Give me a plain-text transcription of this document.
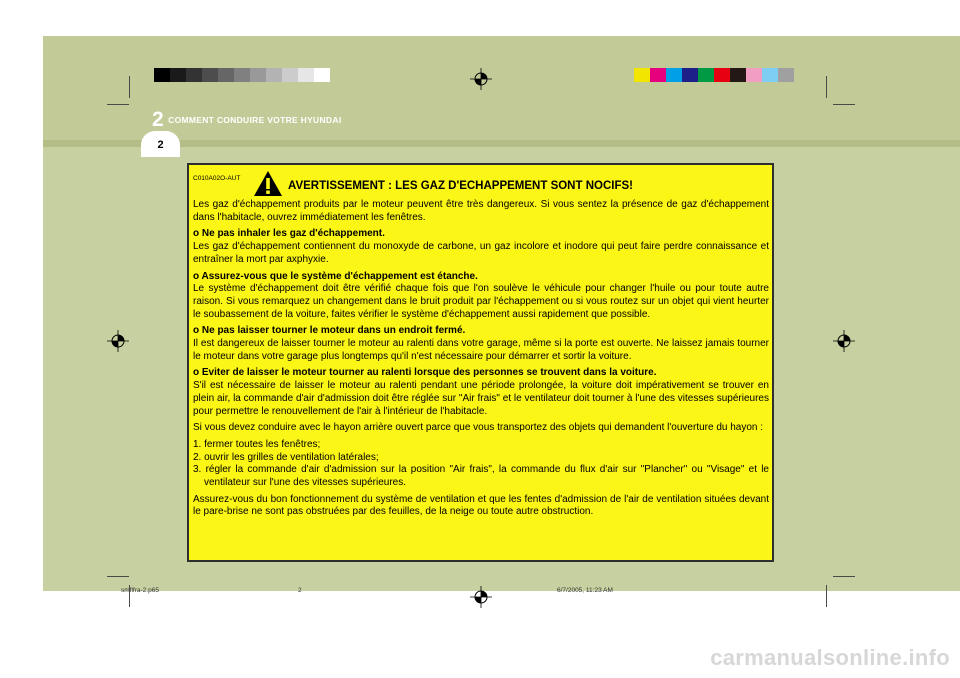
2 COMMENT CONDUIRE VOTRE HYUNDAI
2
C010A02O-AUT
AVERTISSEMENT : LES GAZ D'ECHAPPEMENT SONT NOCIFS!

Les gaz d'échappement produits par le moteur peuvent être très dangereux. Si vous sentez la présence de gaz d'échappement dans l'habitacle, ouvrez immédiatement les fenêtres.

o Ne pas inhaler les gaz d'échappement.
Les gaz d'échappement contiennent du monoxyde de carbone, un gaz incolore et inodore qui peut faire perdre connaissance et entraîner la mort par axphyxie.

o Assurez-vous que le système d'échappement est étanche.
Le système d'échappement doit être vérifié chaque fois que l'on soulève le véhicule pour changer l'huile ou pour toute autre raison. Si vous remarquez un changement dans le bruit produit par l'échappement ou si vous routez sur un objet qui vient heurter le soubassement de la voiture, faites vérifier le système d'échappement aussi rapidement que possible.

o Ne pas laisser tourner le moteur dans un endroit fermé.
Il est dangereux de laisser tourner le moteur au ralenti dans votre garage, même si la porte est ouverte. Ne laissez jamais tourner le moteur dans votre garage plus longtemps qu'il n'est nécessaire pour démarrer et sortir la voiture.

o Eviter de laisser le moteur tourner au ralenti lorsque des personnes se trouvent dans la voiture.
S'il est nécessaire de laisser le moteur au ralenti pendant une période prolongée, la voiture doit impérativement se trouver en plein air, la commande d'air d'admission doit être réglée sur "Air frais" et le ventilateur doit tourner à l'une des vitesses supérieures pour permettre le renouvellement de l'air à l'intérieur de l'habitacle.

Si vous devez conduire avec le hayon arrière ouvert parce que vous transportez des objets qui demandent l'ouverture du hayon :

1. fermer toutes les fenêtres;
2. ouvrir les grilles de ventilation latérales;
3. régler la commande d'air d'admission sur la position "Air frais", la commande du flux d'air sur "Plancher" ou "Visage" et le ventilateur sur l'une des vitesses supérieures.

Assurez-vous du bon fonctionnement du système de ventilation et que les fentes d'admission de l'air de ventilation situées devant le pare-brise ne sont pas obstruées par des feuilles, de la neige ou toute autre obstruction.

smflfra-2.p65	2	6/7/2005, 11:23 AM
carmanualsonline.info
